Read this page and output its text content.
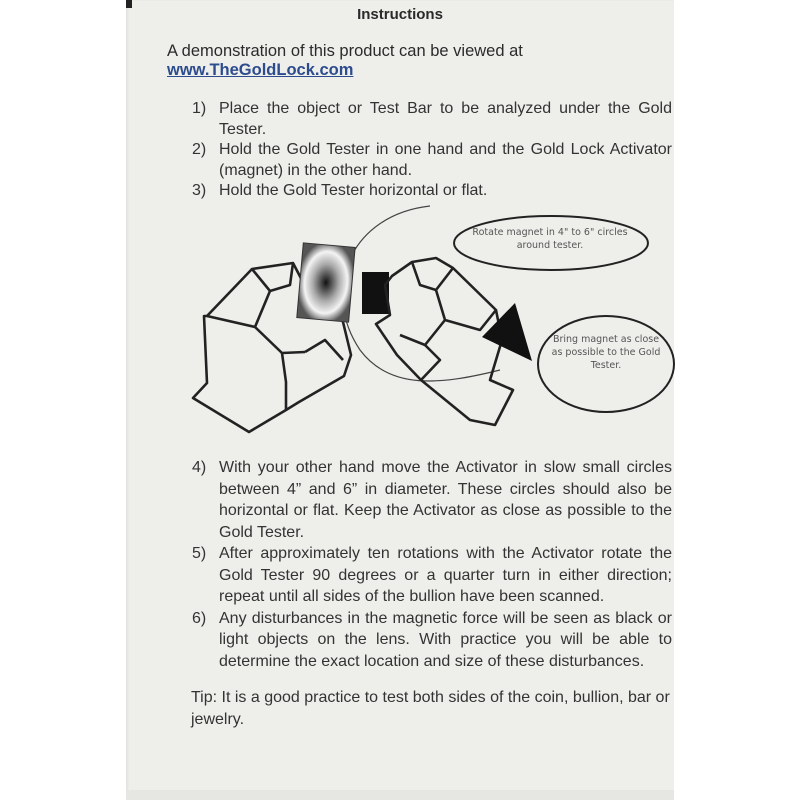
Instructions
A demonstration of this product can be viewed at
www.TheGoldLock.com
1) Place the object or Test Bar to be analyzed under the Gold Tester.
2) Hold the Gold Tester in one hand and the Gold Lock Activator (magnet) in the other hand.
3) Hold the Gold Tester horizontal or flat.
Rotate magnet in 4" to 6" circles around tester.
Bring magnet as close as possible to the Gold Tester.
4) With your other hand move the Activator in slow small circles between 4” and 6” in diameter. These circles should also be horizontal or flat. Keep the Activator as close as possible to the Gold Tester.
5) After approximately ten rotations with the Activator rotate the Gold Tester 90 degrees or a quarter turn in either direction; repeat until all sides of the bullion have been scanned.
6) Any disturbances in the magnetic force will be seen as black or light objects on the lens. With practice you will be able to determine the exact location and size of these disturbances.
Tip: It is a good practice to test both sides of the coin, bullion, bar or jewelry.
